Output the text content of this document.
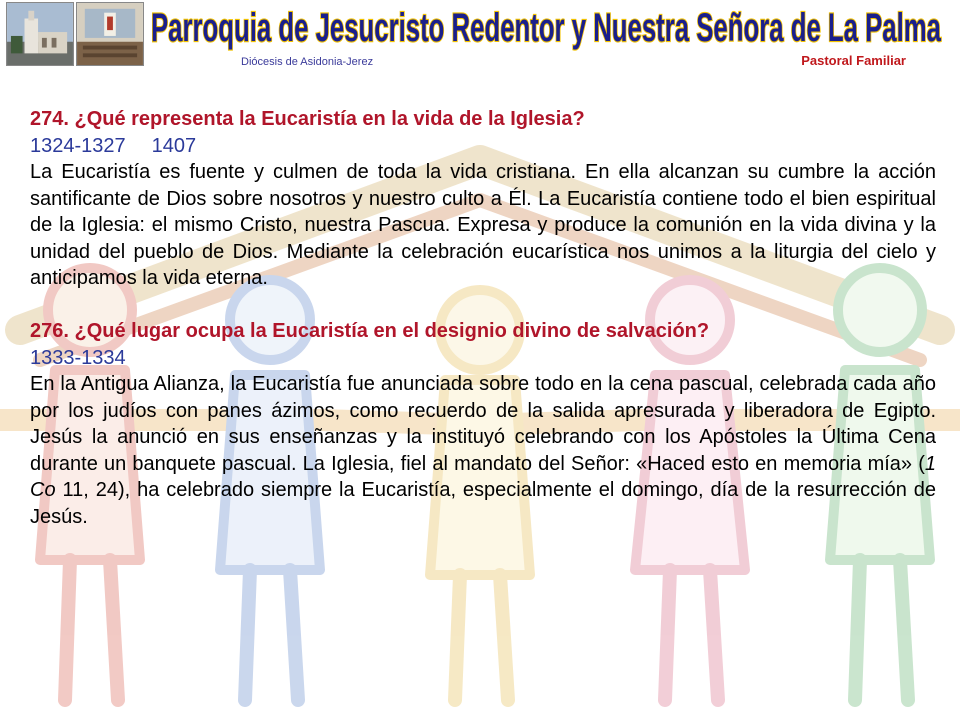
Parroquia de Jesucristo Redentor y Nuestra Señora de La Palma
Diócesis de Asidonia-Jerez	Pastoral Familiar

274. ¿Qué representa la Eucaristía en la vida de la Iglesia?

1324-1327 1407

La Eucaristía es fuente y culmen de toda la vida cristiana. En ella alcanzan su cumbre la acción santificante de Dios sobre nosotros y nuestro culto a Él. La Eucaristía contiene todo el bien espiritual de la Iglesia: el mismo Cristo, nuestra Pascua. Expresa y produce la comunión en la vida divina y la unidad del pueblo de Dios. Mediante la celebración eucarística nos unimos a la liturgia del cielo y anticipamos la vida eterna.

276. ¿Qué lugar ocupa la Eucaristía en el designio divino de salvación?

1333-1334

En la Antigua Alianza, la Eucaristía fue anunciada sobre todo en la cena pascual, celebrada cada año por los judíos con panes ázimos, como recuerdo de la salida apresurada y liberadora de Egipto. Jesús la anunció en sus enseñanzas y la instituyó celebrando con los Apóstoles la Última Cena durante un banquete pascual. La Iglesia, fiel al mandato del Señor: «Haced esto en memoria mía» (1 Co 11, 24), ha celebrado siempre la Eucaristía, especialmente el domingo, día de la resurrección de Jesús.
